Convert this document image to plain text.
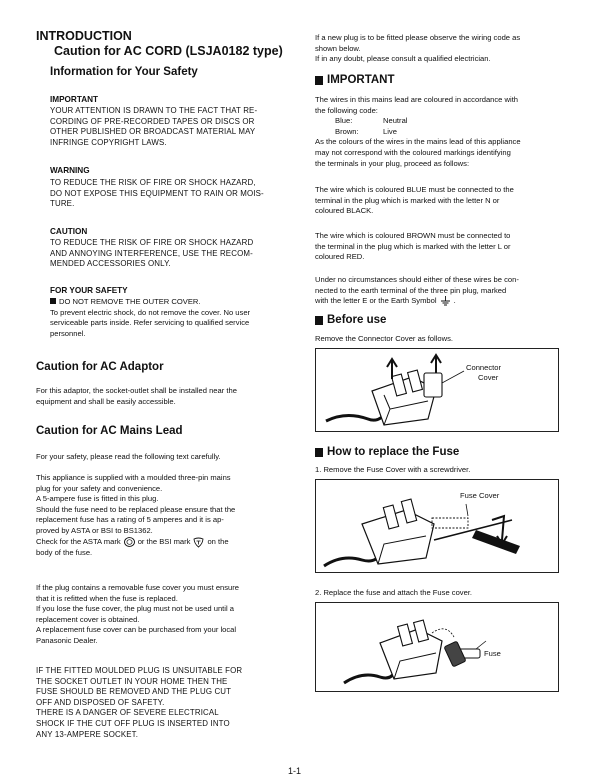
INTRODUCTION
Caution for AC CORD (LSJA0182 type)
Information for Your Safety
IMPORTANT
YOUR ATTENTION IS DRAWN TO THE FACT THAT RE-
CORDING OF PRE-RECORDED TAPES OR DISCS OR
OTHER PUBLISHED OR BROADCAST MATERIAL MAY
INFRINGE COPYRIGHT LAWS.
WARNING
TO REDUCE THE RISK OF FIRE OR SHOCK HAZARD,
DO NOT EXPOSE THIS EQUIPMENT TO RAIN OR MOIS-
TURE.
CAUTION
TO REDUCE THE RISK OF FIRE OR SHOCK HAZARD
AND ANNOYING INTERFERENCE, USE THE RECOM-
MENDED ACCESSORIES ONLY.
FOR YOUR SAFETY
DO NOT REMOVE THE OUTER COVER.
To prevent electric shock, do not remove the cover. No user
serviceable parts inside. Refer servicing to qualified service
personnel.
Caution for AC Adaptor
For this adaptor, the socket-outlet shall be installed near the
equipment and shall be easily accessible.
Caution for AC Mains Lead
For your safety, please read the following text carefully.
This appliance is supplied with a moulded three-pin mains
plug for your safety and convenience.
A 5-ampere fuse is fitted in this plug.
Should the fuse need to be replaced please ensure that the
replacement fuse has a rating of 5 amperes and it is ap-
proved by ASTA or BSI to BS1362.
Check for the ASTA mark or the BSI mark on the
body of the fuse.
If the plug contains a removable fuse cover you must ensure
that it is refitted when the fuse is replaced.
If you lose the fuse cover, the plug must not be used until a
replacement cover is obtained.
A replacement fuse cover can be purchased from your local
Panasonic Dealer.
IF THE FITTED MOULDED PLUG IS UNSUITABLE FOR
THE SOCKET OUTLET IN YOUR HOME THEN THE
FUSE SHOULD BE REMOVED AND THE PLUG CUT
OFF AND DISPOSED OF SAFETY.
THERE IS A DANGER OF SEVERE ELECTRICAL
SHOCK IF THE CUT OFF PLUG IS INSERTED INTO
ANY 13-AMPERE SOCKET.
If a new plug is to be fitted please observe the wiring code as
shown below.
If in any doubt, please consult a qualified electrician.
IMPORTANT
The wires in this mains lead are coloured in accordance with
the following code:
Blue:	Neutral
Brown:	Live
As the colours of the wires in the mains lead of this appliance
may not correspond with the coloured markings identifying
the terminals in your plug, proceed as follows:
The wire which is coloured BLUE must be connected to the
terminal in the plug which is marked with the letter N or
coloured BLACK.
The wire which is coloured BROWN must be connected to
the terminal in the plug which is marked with the letter L or
coloured RED.
Under no circumstances should either of these wires be con-
nected to the earth terminal of the three pin plug, marked
with the letter E or the Earth Symbol .
Before use
Remove the Connector Cover as follows.
Connector
Cover
How to replace the Fuse
1. Remove the Fuse Cover with a screwdriver.
Fuse Cover
2. Replace the fuse and attach the Fuse cover.
Fuse
1-1
